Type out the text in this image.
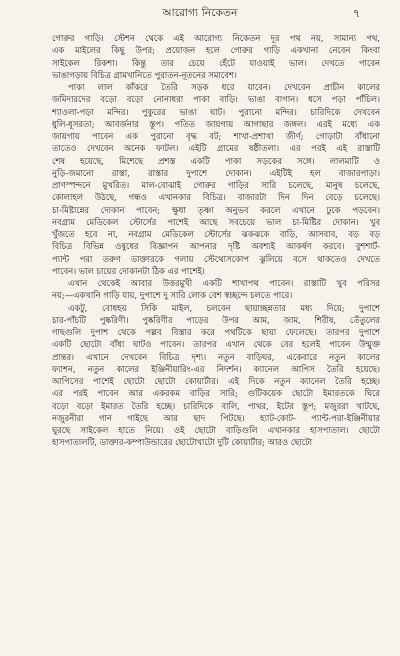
আরোগ্য নিকেতন	৭
গোরুর গাড়ি। স্টেশন থেকে এই আরোগ্য নিকেতন দূর পথ নয়, সামান্য পথ,
এক মাইলের কিছু উপর; প্রয়োজন হলে গোরুর গাড়ি একখানা নেবেন কিংবা
সাইকেল রিকশা। কিন্তু তার চেয়ে হেঁটে যাওয়াই ভাল। দেখতে পাবেন
ভাঙাগড়ায় বিচিত্র গ্রামখানিতে পুরাতন-নূতনের সমাবেশ।
পাকা লাল কাঁকরে তৈরি সড়ক ধরে যাবেন। দেখবেন প্রাচীন কালের
জমিদারদের বড়ো বড়ো নোনাধরা পাকা বাড়ি। ভাঙা বাগান। ধসে পড়া পাঁচিল।
শ্যাওলা-পড়া মন্দির। পুকুরের ভাঙা ঘাট। পুরানো মন্দির। চারিদিকে দেখবেন
ধুলি-ধূসরতা; আবর্জনার স্তূপ। পতিত জায়গায় আগাছার জঙ্গল। এরই মধ্যে এক
জায়গায় পাবেন এক পুরানো বৃদ্ধ বট; শাখা-প্রশাখা জীর্ণ; গোড়াটা বাঁধানো
তাতেও দেখবেন অনেক ফাটল। এইটি গ্রামের ষষ্ঠীতলা। এর পরই এই রাস্তাটি
শেষ হয়েছে, মিশেছে প্রশস্ত একটি পাকা সড়কের সঙ্গে। লালমাটি ও
নুড়ি-জমানো রাস্তা, রাস্তার দুপাশে দোকান। এইটিই হল বাজারপাড়া।
প্রাণস্পন্দনে মুখরিত। মাল-বোঝাই গোরুর গাড়ির সারি চলেছে, মানুষ চলেছে,
কোলাহল উঠছে, গন্ধও এখানকার বিচিত্র। বাজারটা দিন দিন বেড়ে চলেছে।
চা-মিষ্টান্নের দোকান পাবেন; ক্ষুধা তৃষ্ণা অনুভব করলে এখানে ঢুকে পড়বেন।
নবগ্রাম মেডিকেল স্টোর্সের পাশেই আছে সবচেয়ে ভাল চা-মিষ্টির দোকান। খুব
খুঁজতে হবে না, নবগ্রাম মেডিকেল স্টোর্সের ঝকঝকে বাড়ি, আসবাব, বড় বড়
বিচিত্র বিভিন্ন ওষুধের বিজ্ঞাপন আপনার দৃষ্টি অবশ্যই আকর্ষণ করবে। বুশশার্ট-
প্যান্ট পরা তরুণ ডাক্তারকে গলায় স্টেথোসকোপ ঝুলিয়ে বসে থাকতেও দেখতে
পাবেন। ভাল চায়ের দোকানটা ঠিক এর পাশেই।
এখান থেকেই আবার উত্তরমুখী একটি শাখাপথ পাবেন। রাস্তাটি খুব পরিসর
নয়;—একখানি গাড়ি যায়, দুপাশে দু সারি লোক বেশ স্বচ্ছন্দে চলতে পারে।
একটু, বোধহয় সিকি মাইল, চলবেন ছায়াচ্ছন্নতার মধ্য দিয়ে; দুপাশে
চার-পাঁচটি পুষ্করিণী। পুষ্করিণীর পাড়ের উপর আম, জাম, শিরীষ, তেঁতুলের
গাছগুলি দুপাশ থেকে পল্লব বিস্তার করে পথটিকে ছায়া ফেলেছে। তারপর দুপাশে
একটি ছোটো বাঁধা ঘাটও পাবেন। তারপর এখান থেকে বের হলেই পাবেন উন্মুক্ত
প্রান্তর। এখানে দেখবেন বিচিত্র দৃশ্য। নতুন বাড়িঘর, একেবারে নতুন কালের
ফ্যাশন, নতুন কালের ইঞ্জিনীয়ারিং-এর নিদর্শন। ক্যানেল আপিস তৈরি হয়েছে।
আপিসের পাশেই ছোটো ছোটো কোয়ার্টার। এই দিকে নতুন ক্যানেল তৈরি হচ্ছে।
এর পরই পাবেন আর একরকম বাড়ির সারি; গুটিকয়েক ছোটো ইমারতকে ঘিরে
বড়ো বড়ো ইমারত তৈরি হচ্ছে। চারিদিকে বালি, পাথর, ইটের স্তূপ; মজুররা খাটছে,
নজুরনীরা গান গাইছে আর ছাদ পিটছে। হ্যাট-কোট- প্যান্ট-পরা-ইঞ্জিনীয়ার
ঘুরছে সাইকেল হাতে নিয়ে। ওই ছোটো বাড়িগুলি এখানকার হাসপাতাল। ছোটো
হাসপাতালটি, ডাক্তার-কম্পাউন্ডারের ছোটোখাটো দুটি কোয়ার্টার; আরও ছোটো
